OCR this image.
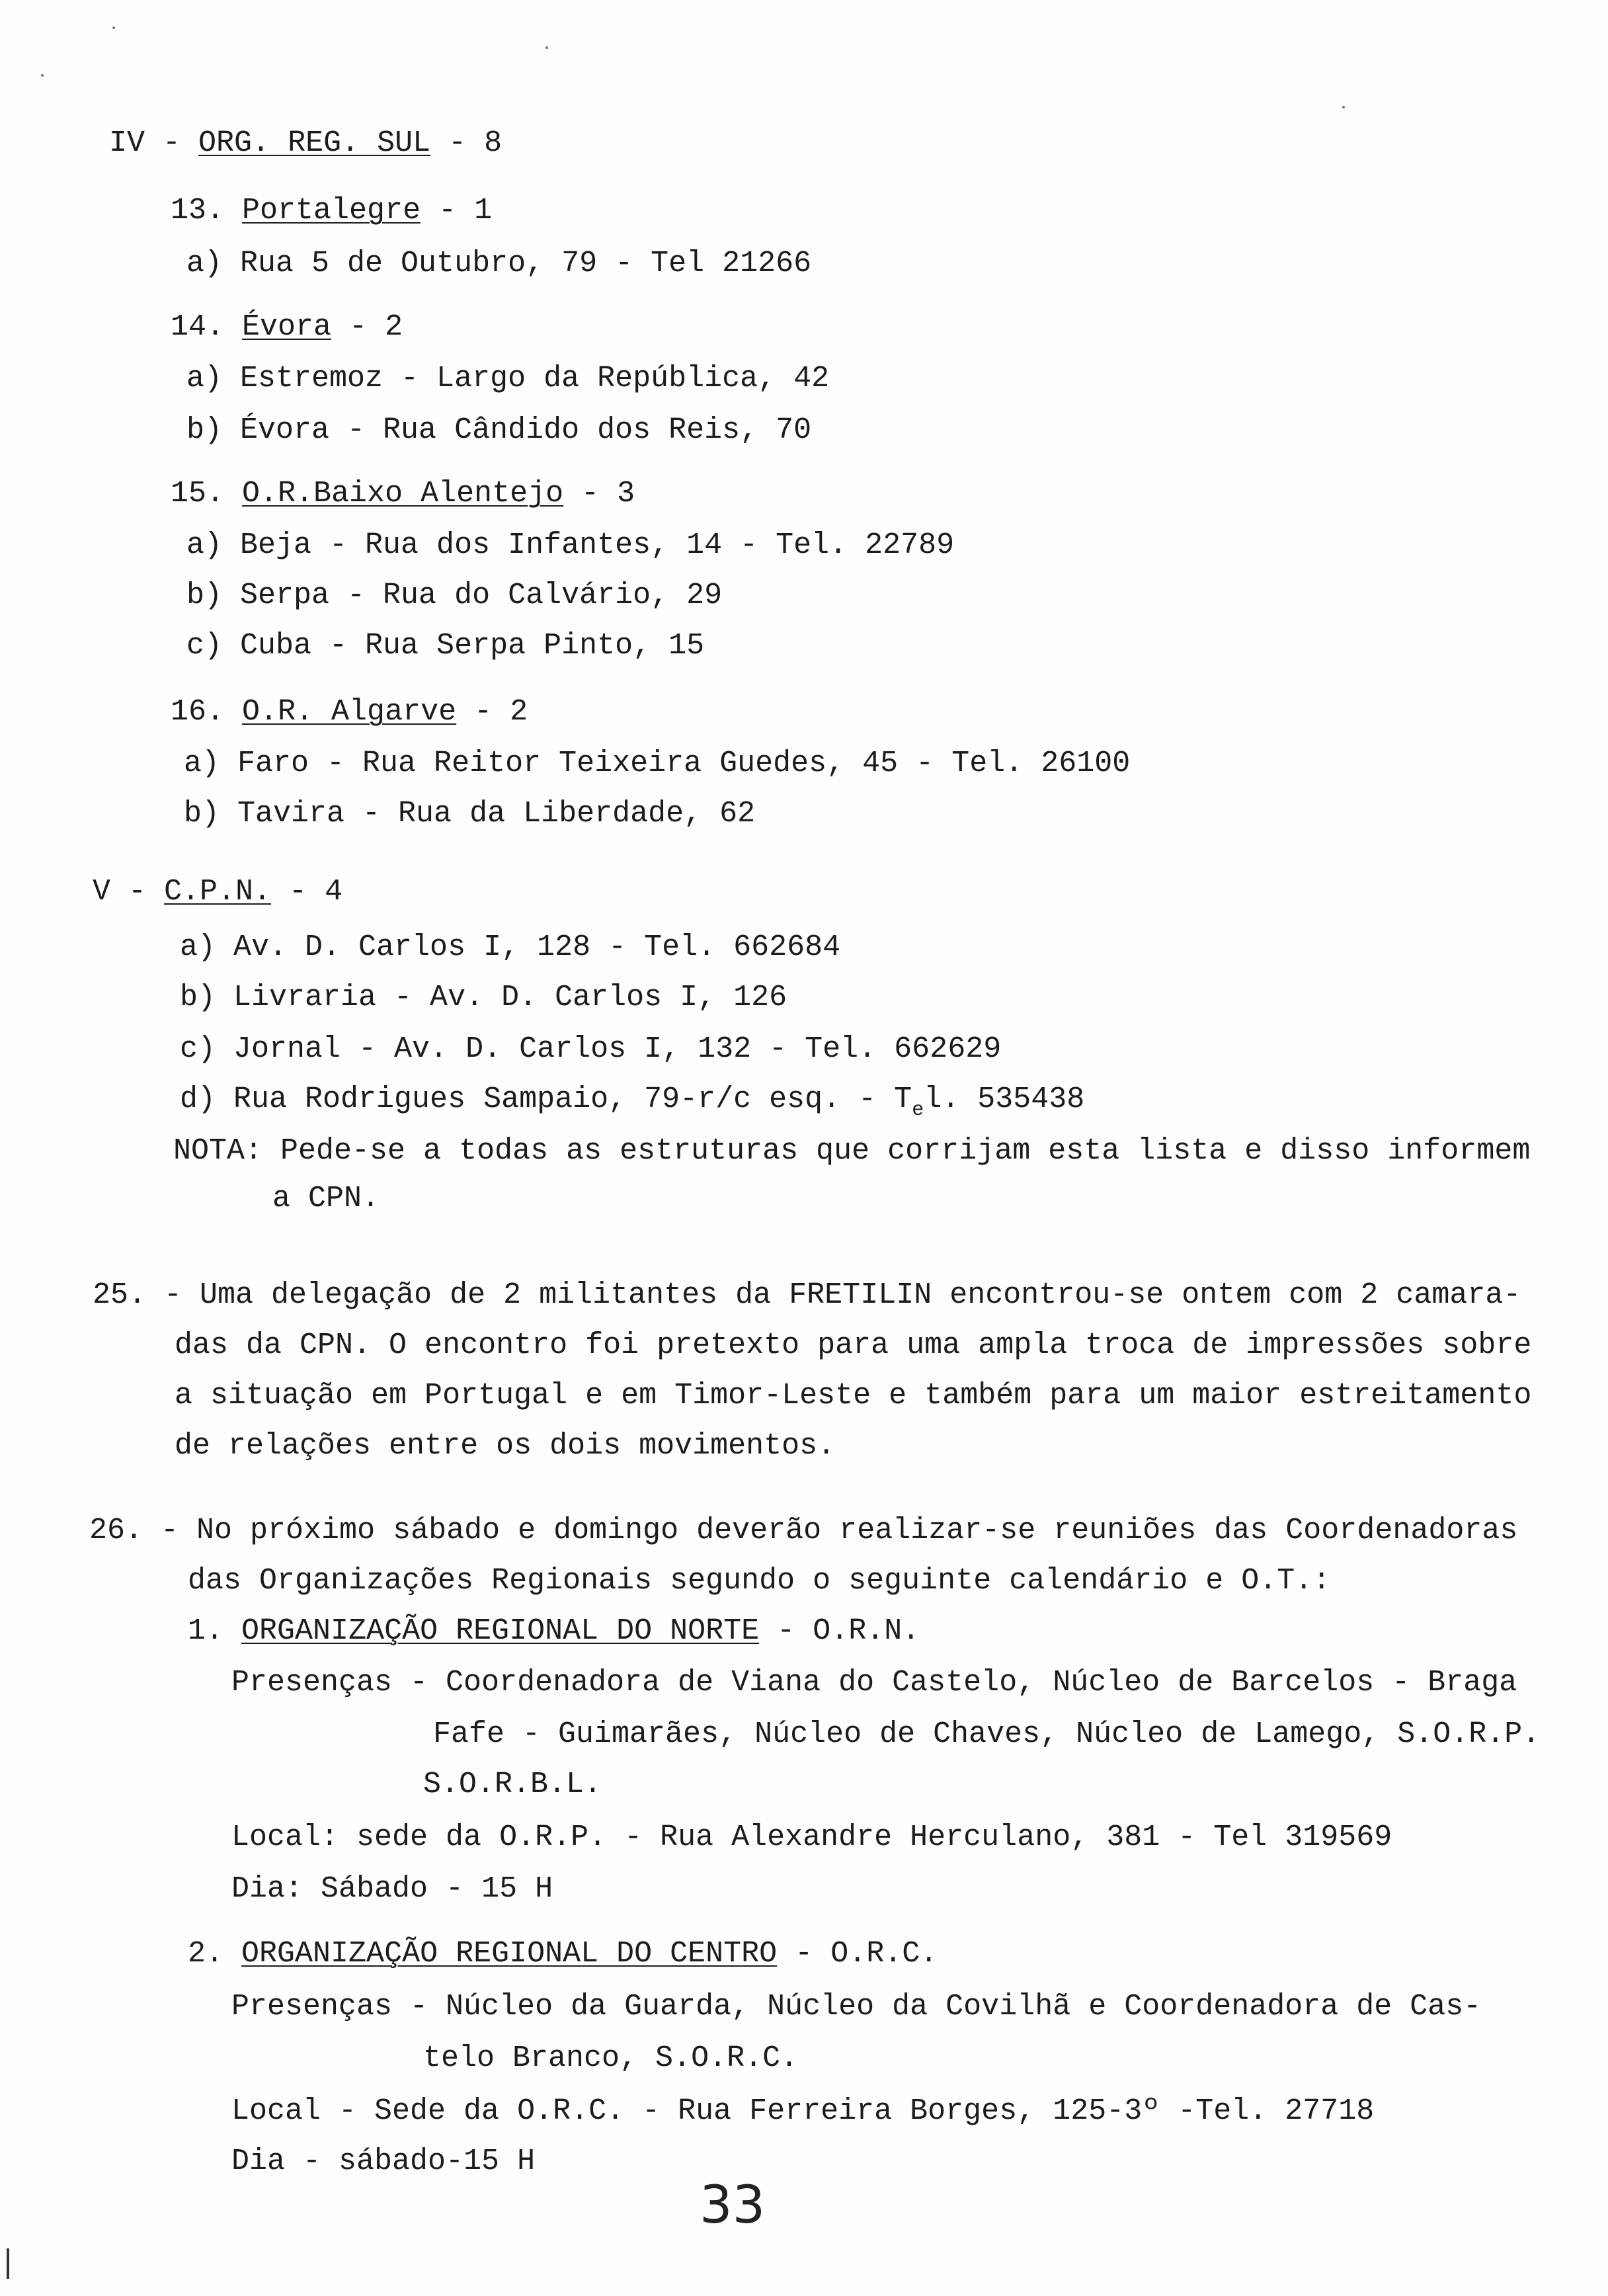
IV - ORG. REG. SUL - 8
13. Portalegre - 1
a) Rua 5 de Outubro, 79 - Tel 21266
14. Évora - 2
a) Estremoz - Largo da República, 42
b) Évora - Rua Cândido dos Reis, 70
15. O.R.Baixo Alentejo - 3
a) Beja - Rua dos Infantes, 14 - Tel. 22789
b) Serpa - Rua do Calvário, 29
c) Cuba - Rua Serpa Pinto, 15
16. O.R. Algarve - 2
a) Faro - Rua Reitor Teixeira Guedes, 45 - Tel. 26100
b) Tavira - Rua da Liberdade, 62
V - C.P.N. - 4
a) Av. D. Carlos I, 128 - Tel. 662684
b) Livraria - Av. D. Carlos I, 126
c) Jornal - Av. D. Carlos I, 132 - Tel. 662629
d) Rua Rodrigues Sampaio, 79-r/c esq. - $T_el$. 535438
NOTA: Pede-se a todas as estruturas que corrijam esta lista e disso informem
a CPN.
25. - Uma delegação de 2 militantes da FRETILIN encontrou-se ontem com 2 camara-
das da CPN. O encontro foi pretexto para uma ampla troca de impressões sobre
a situação em Portugal e em Timor-Leste e também para um maior estreitamento
de relações entre os dois movimentos.
26. - No próximo sábado e domingo deverão realizar-se reuniões das Coordenadoras
das Organizações Regionais segundo o seguinte calendário e O.T.:
1. ORGANIZAÇÃO REGIONAL DO NORTE - O.R.N.
Presenças - Coordenadora de Viana do Castelo, Núcleo de Barcelos - Braga
Fafe - Guimarães, Núcleo de Chaves, Núcleo de Lamego, S.O.R.P.
S.O.R.B.L.
Local: sede da O.R.P. - Rua Alexandre Herculano, 381 - Tel 319569
Dia: Sábado - 15 H
2. ORGANIZAÇÃO REGIONAL DO CENTRO - O.R.C.
Presenças - Núcleo da Guarda, Núcleo da Covilhã e Coordenadora de Cas-
telo Branco, S.O.R.C.
Local - Sede da O.R.C. - Rua Ferreira Borges, 125-3º -Tel. 27718
Dia - sábado-15 H
33
